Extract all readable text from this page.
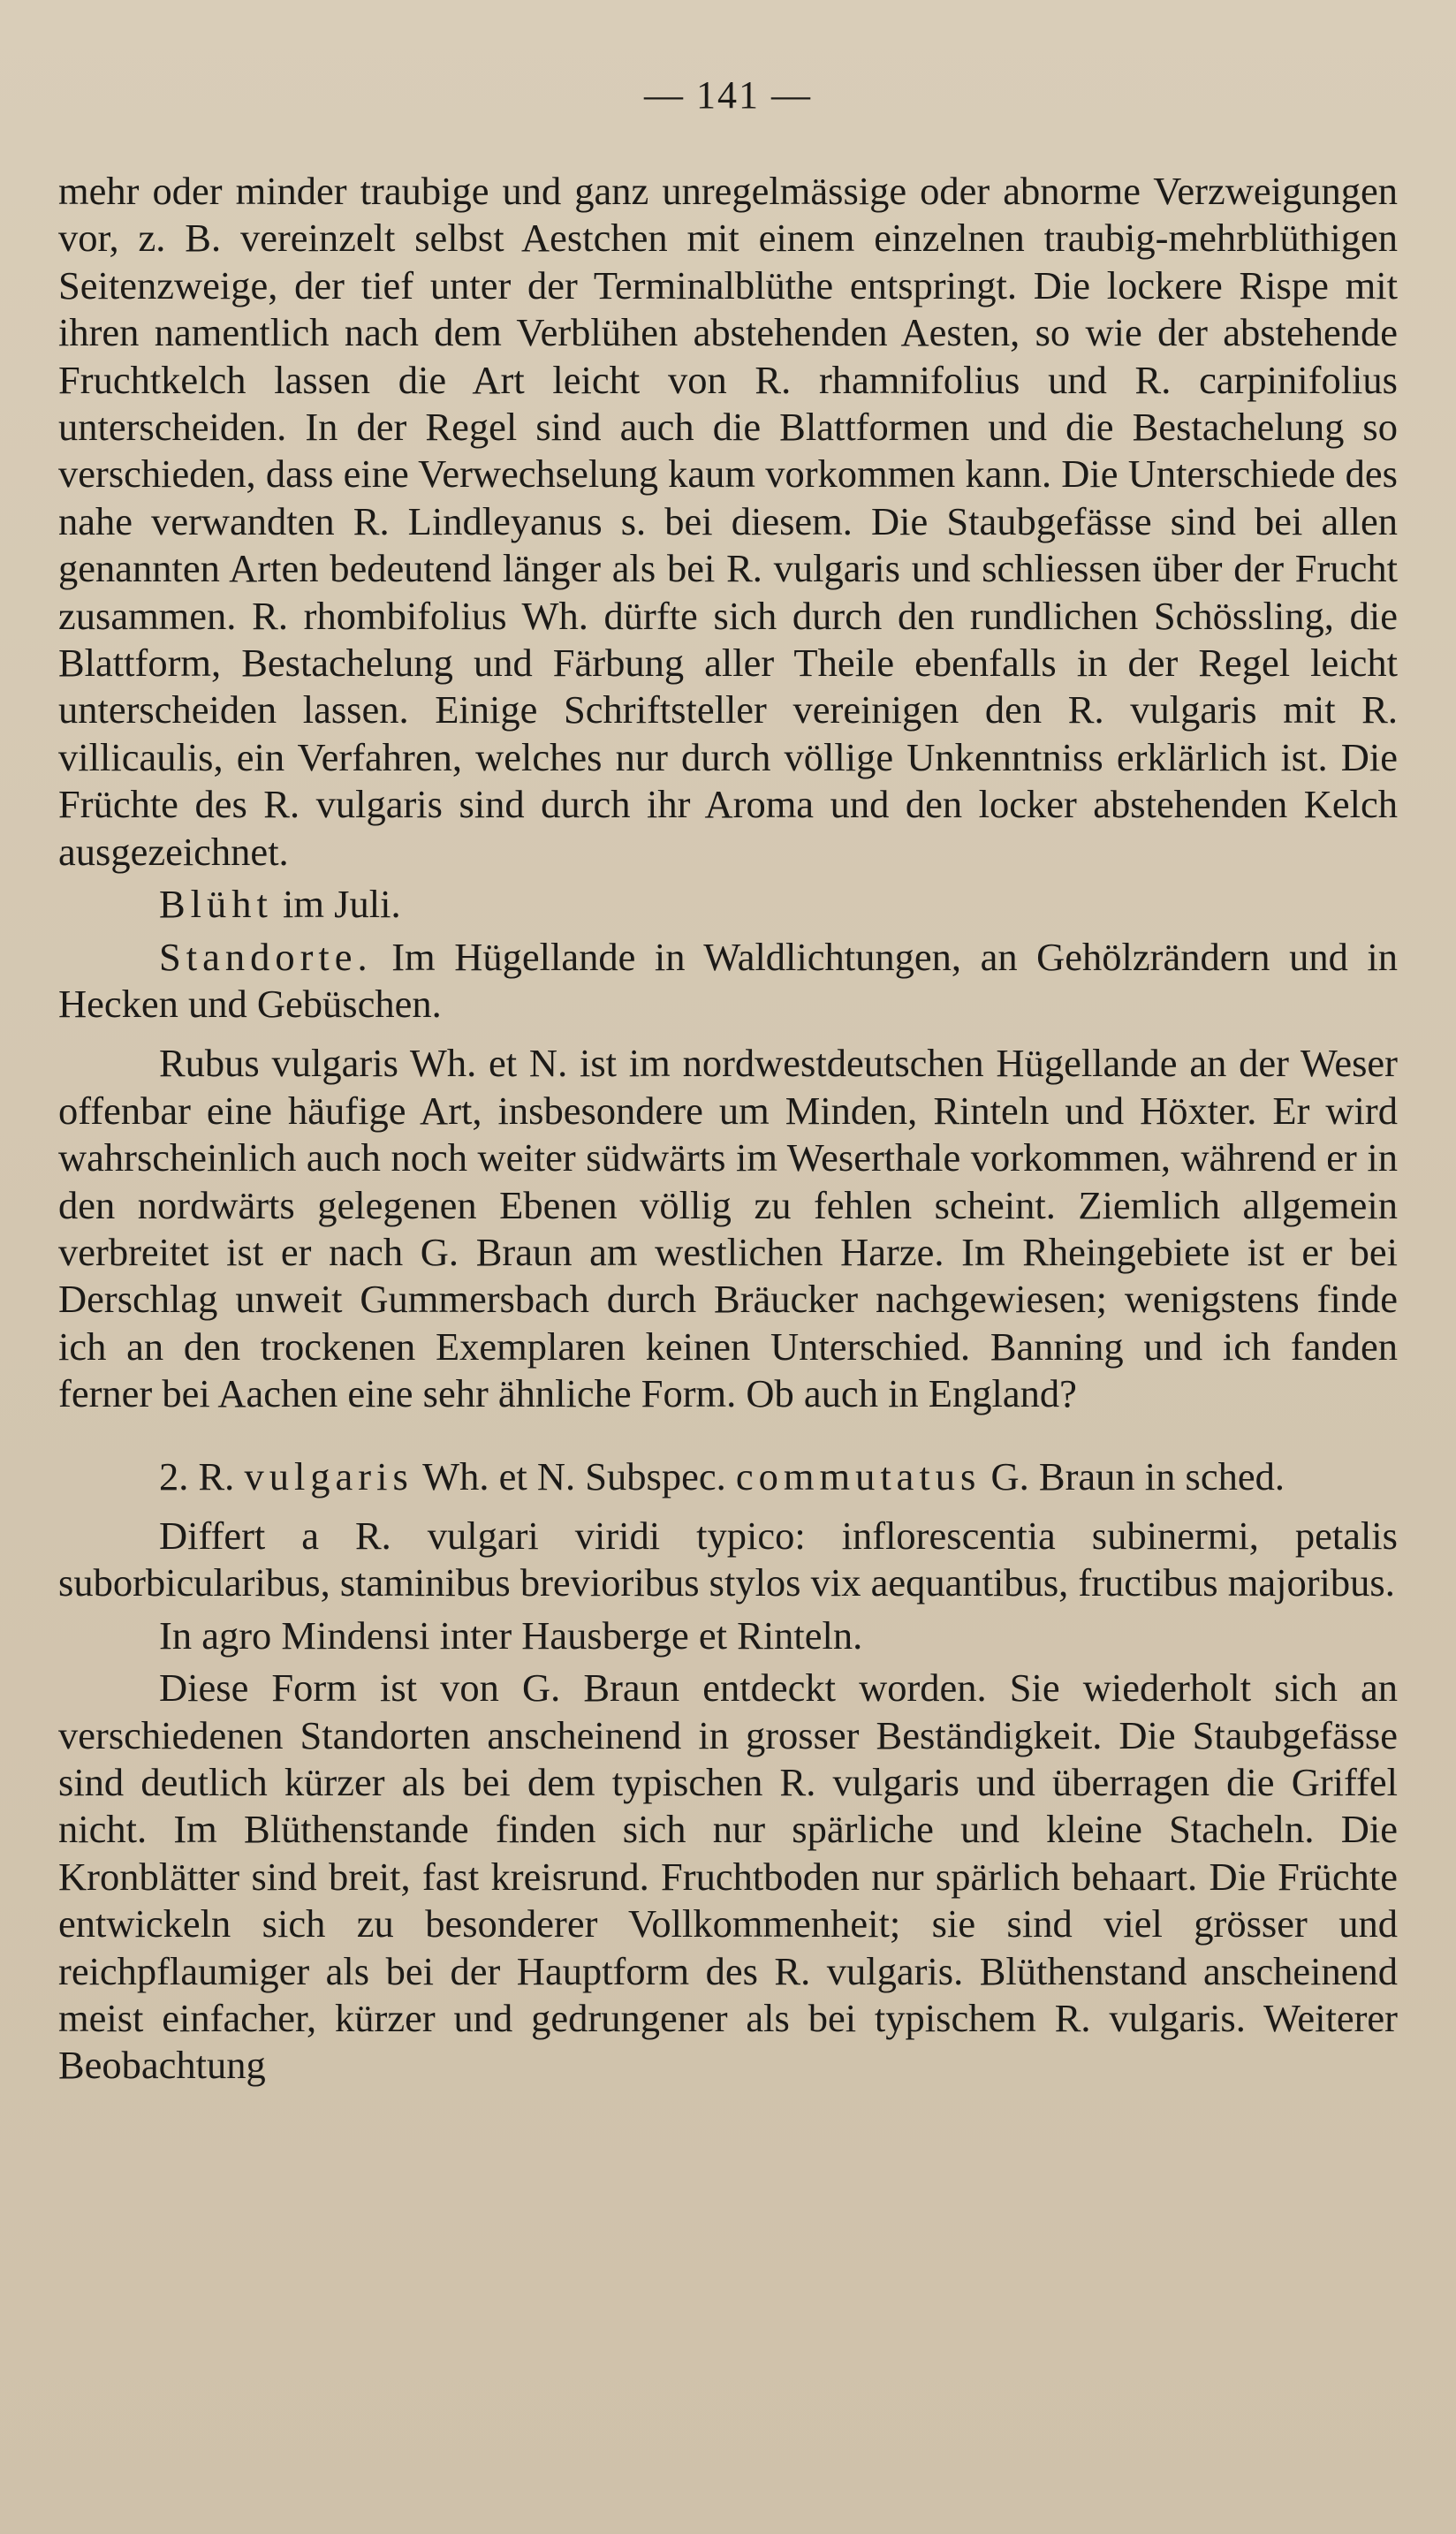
— 141 —

mehr oder minder traubige und ganz unregelmässige oder abnorme Verzweigungen vor, z. B. vereinzelt selbst Aestchen mit einem einzelnen traubig-mehrblüthigen Seitenzweige, der tief unter der Terminalblüthe entspringt. Die lockere Rispe mit ihren namentlich nach dem Verblühen abstehenden Aesten, so wie der abstehende Fruchtkelch lassen die Art leicht von R. rhamnifolius und R. carpinifolius unterscheiden. In der Regel sind auch die Blattformen und die Bestachelung so verschieden, dass eine Verwechselung kaum vorkommen kann. Die Unterschiede des nahe verwandten R. Lindleyanus s. bei diesem. Die Staubgefässe sind bei allen genannten Arten bedeutend länger als bei R. vulgaris und schliessen über der Frucht zusammen. R. rhombifolius Wh. dürfte sich durch den rundlichen Schössling, die Blattform, Bestachelung und Färbung aller Theile ebenfalls in der Regel leicht unterscheiden lassen. Einige Schriftsteller vereinigen den R. vulgaris mit R. villicaulis, ein Verfahren, welches nur durch völlige Unkenntniss erklärlich ist. Die Früchte des R. vulgaris sind durch ihr Aroma und den locker abstehenden Kelch ausgezeichnet.

Blüht im Juli.

Standorte. Im Hügellande in Waldlichtungen, an Gehölzrändern und in Hecken und Gebüschen.

Rubus vulgaris Wh. et N. ist im nordwestdeutschen Hügellande an der Weser offenbar eine häufige Art, insbesondere um Minden, Rinteln und Höxter. Er wird wahrscheinlich auch noch weiter südwärts im Weserthale vorkommen, während er in den nordwärts gelegenen Ebenen völlig zu fehlen scheint. Ziemlich allgemein verbreitet ist er nach G. Braun am westlichen Harze. Im Rheingebiete ist er bei Derschlag unweit Gummersbach durch Bräucker nachgewiesen; wenigstens finde ich an den trockenen Exemplaren keinen Unterschied. Banning und ich fanden ferner bei Aachen eine sehr ähnliche Form. Ob auch in England?

2. R. vulgaris Wh. et N. Subspec. commutatus G. Braun in sched.

Differt a R. vulgari viridi typico: inflorescentia subinermi, petalis suborbicularibus, staminibus brevioribus stylos vix aequantibus, fructibus majoribus.

In agro Mindensi inter Hausberge et Rinteln.

Diese Form ist von G. Braun entdeckt worden. Sie wiederholt sich an verschiedenen Standorten anscheinend in grosser Beständigkeit. Die Staubgefässe sind deutlich kürzer als bei dem typischen R. vulgaris und überragen die Griffel nicht. Im Blüthenstande finden sich nur spärliche und kleine Stacheln. Die Kronblätter sind breit, fast kreisrund. Fruchtboden nur spärlich behaart. Die Früchte entwickeln sich zu besonderer Vollkommenheit; sie sind viel grösser und reichpflaumiger als bei der Hauptform des R. vulgaris. Blüthenstand anscheinend meist einfacher, kürzer und gedrungener als bei typischem R. vulgaris. Weiterer Beobachtung
